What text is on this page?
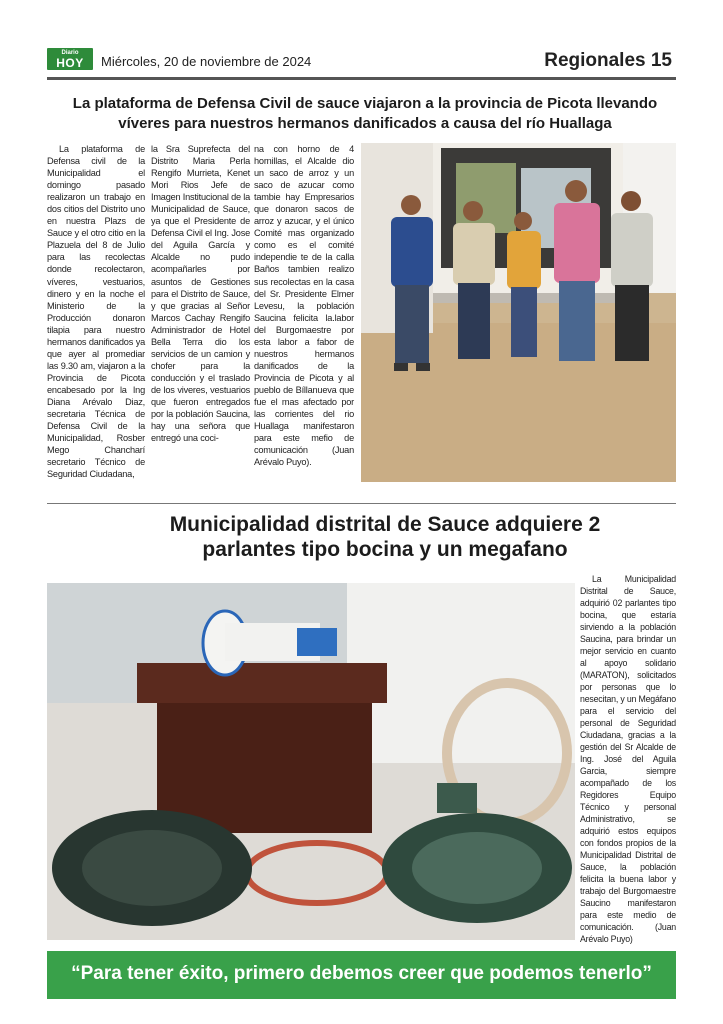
Diario
HOY	Miércoles, 20 de noviembre de 2024	Regionales 15
La plataforma de Defensa Civil de sauce viajaron a la provincia de Picota llevando víveres para nuestros hermanos danificados a causa del río Huallaga
La plataforma de Defensa civil de la Municipalidad el domingo pasado realizaron un trabajo en dos citios del Distrito uno en nuestra Plazs de Sauce y el otro citio en la Plazuela del 8 de Julio para las recolectas donde recolectaron, víveres, vestuarios, dinero y en la noche el Ministerio de la Producción donaron tilapia para nuestro hermanos danificados ya que ayer al promediar las 9.30 am, viajaron a la Provincia de Picota encabesado por la Ing Diana Arévalo Diaz, secretaria Técnica de Defensa Civil de la Municipalidad, Rosber Mego Chancharí secretario Técnico de Seguridad Ciudadana,
la Sra Suprefecta del Distrito Maria Perla Rengifo Murrieta, Kenet Mori Rios Jefe de Imagen Institucional de la Municipalidad de Sauce, ya que el Presidente de Defensa Civil el Ing. Jose del Aguila García y Alcalde no pudo acompañarles por asuntos de Gestiones para el Distrito de Sauce, y que gracias al Señor Marcos Cachay Rengifo Administrador de Hotel Bella Terra dio los servicios de un camion y chofer para la conducción y el traslado de los viveres, vestuarios que fueron entregados por la población Saucina, hay una señora que entregó una coci-
na con horno de 4 hornillas, el Alcalde dio un saco de arroz y un saco de azucar como tambie hay Empresarios que donaron sacos de arroz y azucar, y el único Comité mas organizado como es el comité independie te de la calla Baños tambien realizo sus recolectas en la casa del Sr. Presidente Elmer Levesu, la población Saucina felicita la.labor del Burgomaestre por esta labor a fabor de nuestros hermanos danificados de la Provincia de Picota y al pueblo de Bíllanueva que fue el mas afectado por las corrientes del rio Huallaga manifestaron para este mefio de comunicación (Juan Arévalo Puyo).
Municipalidad distrital de Sauce adquiere 2 parlantes tipo bocina y un megafano
La Municipalidad Distrital de Sauce, adquirió 02 parlantes tipo bocina, que estaría sirviendo a la población Saucina, para brindar un mejor servicio en cuanto al apoyo solidario (MARATON), solicitados por personas que lo nesecitan, y un Megáfano para el servicio del personal de Seguridad Ciudadana, gracias a la gestión del Sr Alcalde de Ing. José del Aguila Garcia, siempre acompañado de los Regidores Equipo Técnico y personal Administrativo, se adquirió estos equipos con fondos propios de la Municipalidad Distrital de Sauce, la población felicita la buena labor y trabajo del Burgomaestre Saucino manifestaron para este medio de comunicación. (Juan Arévalo Puyo)
“Para tener éxito, primero debemos creer que podemos tenerlo”
